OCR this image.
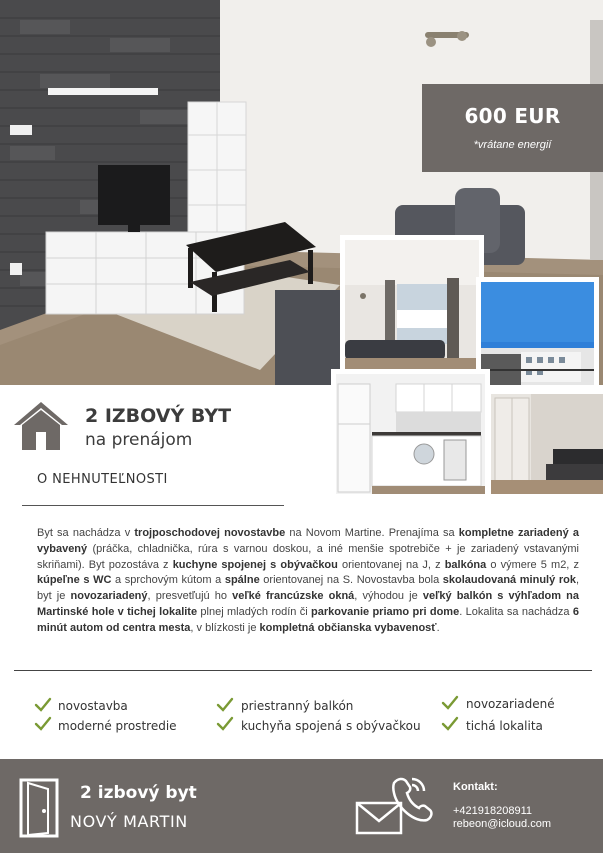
600 EUR
*vrátane energií
2 IZBOVÝ BYT
na prenájom
O NEHNUTEĽNOSTI
Byt sa nachádza v trojposchodovej novostavbe na Novom Martine. Prenajíma sa kompletne zariadený a vybavený (práčka, chladnička, rúra s varnou doskou, a iné menšie spotrebiče + je zariadený vstavanými skriňami). Byt pozostáva z kuchyne spojenej s obývačkou orientovanej na J, z balkóna o výmere 5 m2, z kúpeľne s WC a sprchovým kútom a spálne orientovanej na S. Novostavba bola skolaudovaná minulý rok, byt je novozariadený, presvetľujú ho veľké francúzske okná, výhodou je veľký balkón s výhľadom na Martinské hole v tichej lokalite plnej mladých rodín či parkovanie priamo pri dome. Lokalita sa nachádza 6 minút autom od centra mesta, v blízkosti je kompletná občianska vybavenosť.
novostavba
moderné prostredie
priestranný balkón
kuchyňa spojená s obývačkou
novozariadené
tichá lokalita
2 izbový byt
NOVÝ MARTIN
Kontakt:
+421918208911
rebeon@icloud.com
